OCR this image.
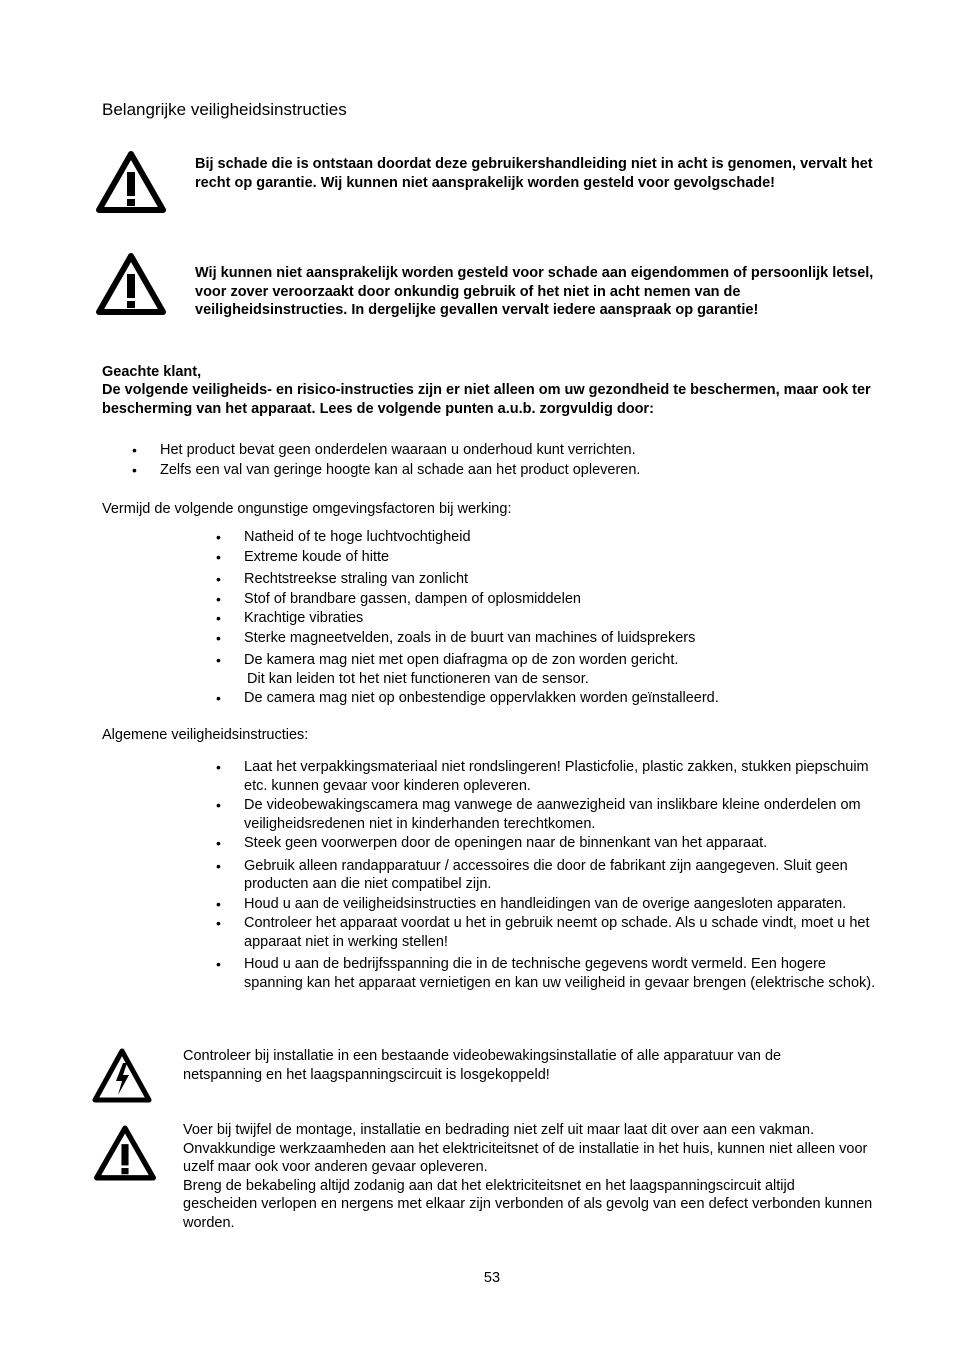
Belangrijke veiligheidsinstructies
Bij schade die is ontstaan doordat deze gebruikershandleiding niet in acht is genomen, vervalt het recht op garantie. Wij kunnen niet aansprakelijk worden gesteld voor gevolgschade!
Wij kunnen niet aansprakelijk worden gesteld voor schade aan eigendommen of persoonlijk letsel, voor zover veroorzaakt door onkundig gebruik of het niet in acht nemen van de veiligheidsinstructies. In dergelijke gevallen vervalt iedere aanspraak op garantie!
Geachte klant,
De volgende veiligheids- en risico-instructies zijn er niet alleen om uw gezondheid te beschermen, maar ook ter bescherming van het apparaat. Lees de volgende punten a.u.b. zorgvuldig door:
• Het product bevat geen onderdelen waaraan u onderhoud kunt verrichten.
• Zelfs een val van geringe hoogte kan al schade aan het product opleveren.
Vermijd de volgende ongunstige omgevingsfactoren bij werking:
• Natheid of te hoge luchtvochtigheid
• Extreme koude of hitte
• Rechtstreekse straling van zonlicht
• Stof of brandbare gassen, dampen of oplosmiddelen
• Krachtige vibraties
• Sterke magneetvelden, zoals in de buurt van machines of luidsprekers
• De kamera mag niet met open diafragma op de zon worden gericht.
Dit kan leiden tot het niet functioneren van de sensor.
• De camera mag niet op onbestendige oppervlakken worden geïnstalleerd.
Algemene veiligheidsinstructies:
• Laat het verpakkingsmateriaal niet rondslingeren! Plasticfolie, plastic zakken, stukken piepschuim etc. kunnen gevaar voor kinderen opleveren.
• De videobewakingscamera mag vanwege de aanwezigheid van inslikbare kleine onderdelen om veiligheidsredenen niet in kinderhanden terechtkomen.
• Steek geen voorwerpen door de openingen naar de binnenkant van het apparaat.
• Gebruik alleen randapparatuur / accessoires die door de fabrikant zijn aangegeven. Sluit geen producten aan die niet compatibel zijn.
• Houd u aan de veiligheidsinstructies en handleidingen van de overige aangesloten apparaten.
• Controleer het apparaat voordat u het in gebruik neemt op schade. Als u schade vindt, moet u het apparaat niet in werking stellen!
• Houd u aan de bedrijfsspanning die in de technische gegevens wordt vermeld. Een hogere spanning kan het apparaat vernietigen en kan uw veiligheid in gevaar brengen (elektrische schok).
Controleer bij installatie in een bestaande videobewakingsinstallatie of alle apparatuur van de netspanning en het laagspanningscircuit is losgekoppeld!
Voer bij twijfel de montage, installatie en bedrading niet zelf uit maar laat dit over aan een vakman. Onvakkundige werkzaamheden aan het elektriciteitsnet of de installatie in het huis, kunnen niet alleen voor uzelf maar ook voor anderen gevaar opleveren.
Breng de bekabeling altijd zodanig aan dat het elektriciteitsnet en het laagspanningscircuit altijd gescheiden verlopen en nergens met elkaar zijn verbonden of als gevolg van een defect verbonden kunnen worden.
53
